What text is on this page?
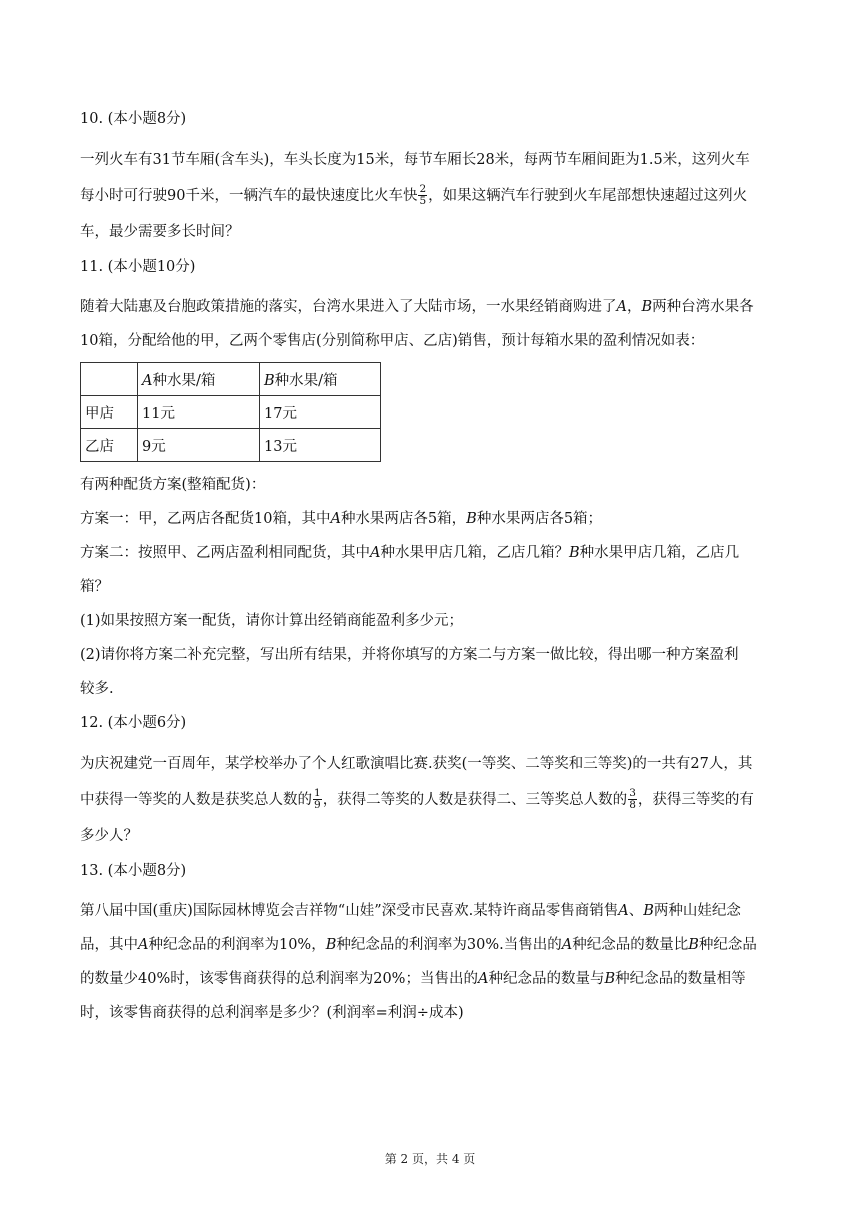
10. (本小题8分)

一列火车有31节车厢(含车头)，车头长度为15米，每节车厢长28米，每两节车厢间距为1.5米，这列火车
每小时可行驶90千米，一辆汽车的最快速度比火车快 $\frac{2}{5}$ ，如果这辆汽车行驶到火车尾部想快速超过这列火
车，最少需要多长时间？

11. (本小题10分)

随着大陆惠及台胞政策措施的落实，台湾水果进入了大陆市场，一水果经销商购进了A，B两种台湾水果各
10箱，分配给他的甲，乙两个零售店(分别简称甲店、乙店)销售，预计每箱水果的盈利情况如表：

	A种水果/箱	B种水果/箱
甲店	11元	17元
乙店	9元	13元

有两种配货方案(整箱配货)：
方案一：甲，乙两店各配货10箱，其中A种水果两店各5箱，B种水果两店各5箱；
方案二：按照甲、乙两店盈利相同配货，其中A种水果甲店几箱，乙店几箱？B种水果甲店几箱，乙店几
箱？
(1)如果按照方案一配货，请你计算出经销商能盈利多少元；
(2)请你将方案二补充完整，写出所有结果，并将你填写的方案二与方案一做比较，得出哪一种方案盈利
较多.

12. (本小题6分)

为庆祝建党一百周年，某学校举办了个人红歌演唱比赛.获奖(一等奖、二等奖和三等奖)的一共有27人，其
中获得一等奖的人数是获奖总人数的 $\frac{1}{9}$ ，获得二等奖的人数是获得二、三等奖总人数的 $\frac{3}{8}$ ，获得三等奖的有
多少人？

13. (本小题8分)

第八届中国(重庆)国际园林博览会吉祥物“山娃”深受市民喜欢.某特许商品零售商销售A、B两种山娃纪念
品，其中A种纪念品的利润率为10%，B种纪念品的利润率为30%.当售出的A种纪念品的数量比B种纪念品
的数量少40%时，该零售商获得的总利润率为20%；当售出的A种纪念品的数量与B种纪念品的数量相等
时，该零售商获得的总利润率是多少？(利润率=利润÷成本)

第 2 页，共 4 页
